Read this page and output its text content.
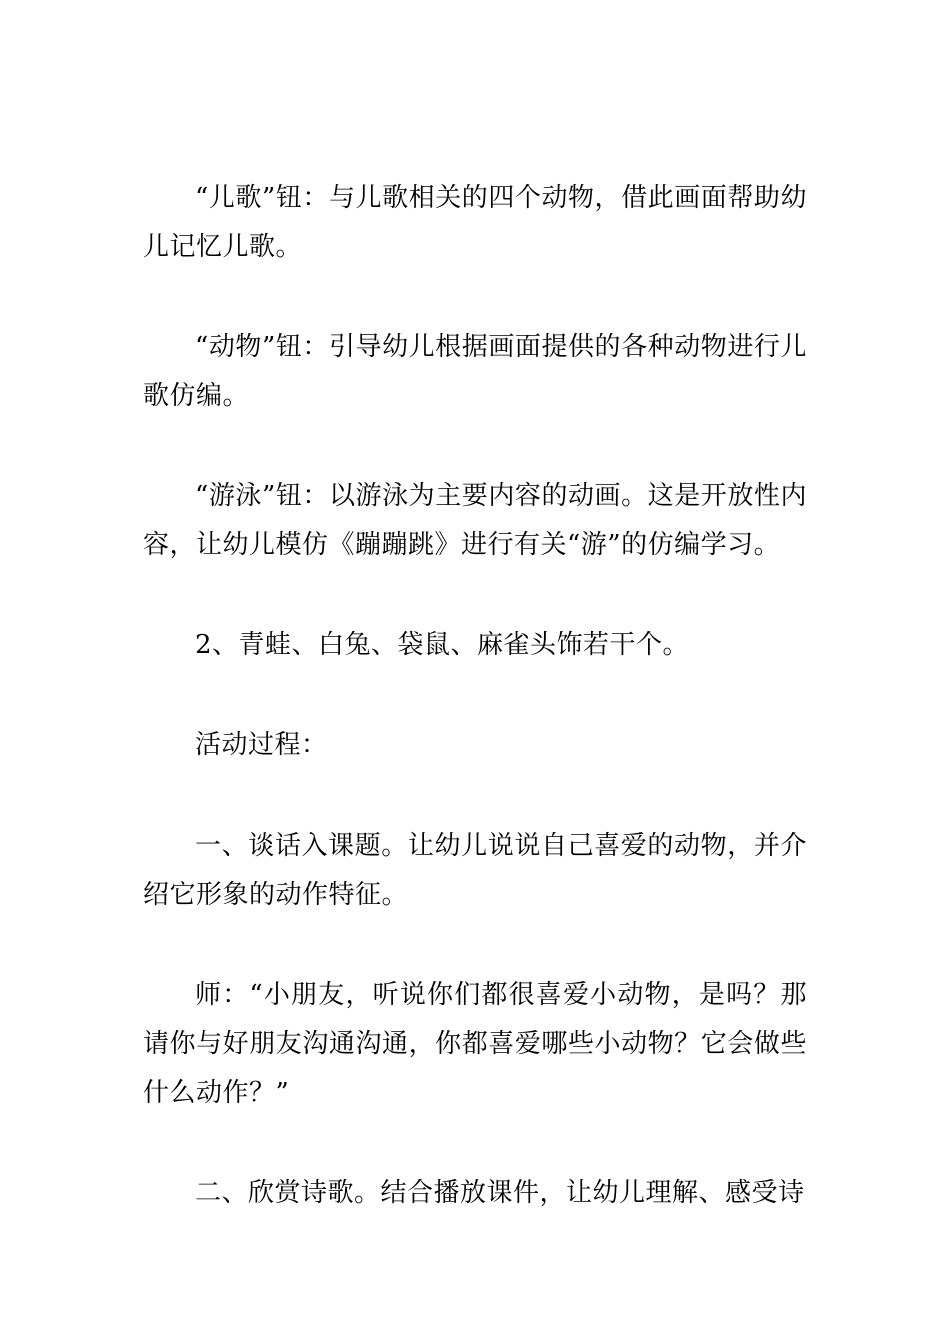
“儿歌”钮：与儿歌相关的四个动物，借此画面帮助幼儿记忆儿歌。

“动物”钮：引导幼儿根据画面提供的各种动物进行儿歌仿编。

“游泳”钮：以游泳为主要内容的动画。这是开放性内容，让幼儿模仿《蹦蹦跳》进行有关“游”的仿编学习。

2、青蛙、白兔、袋鼠、麻雀头饰若干个。

活动过程：

一、谈话入课题。让幼儿说说自己喜爱的动物，并介绍它形象的动作特征。

师：“小朋友，听说你们都很喜爱小动物，是吗？那请你与好朋友沟通沟通，你都喜爱哪些小动物？它会做些什么动作？”

二、欣赏诗歌。结合播放课件，让幼儿理解、感受诗
